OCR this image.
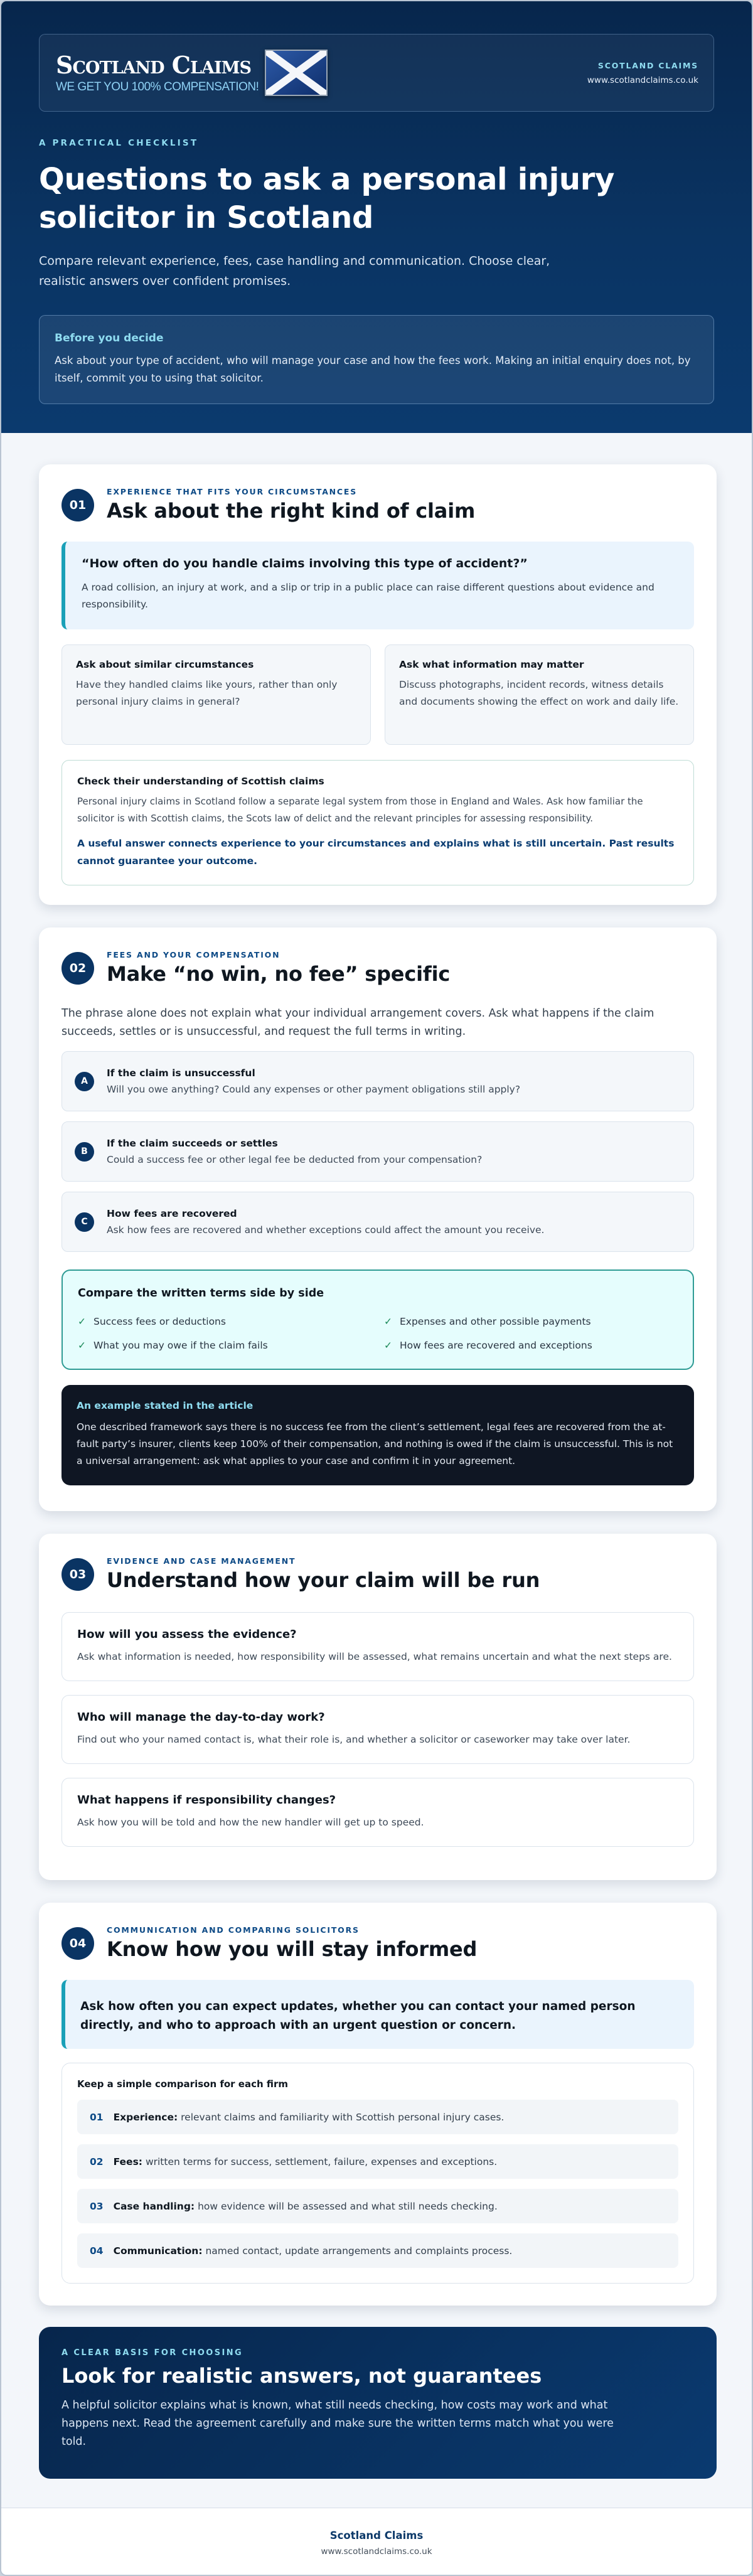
Scotland Claims
WE GET YOU 100% COMPENSATION!
SCOTLAND CLAIMS
www.scotlandclaims.co.uk
A PRACTICAL CHECKLIST
Questions to ask a personal injury solicitor in Scotland

Compare relevant experience, fees, case handling and communication. Choose clear, realistic answers over confident promises.

Before you decide
Ask about your type of accident, who will manage your case and how the fees work. Making an initial enquiry does not, by itself, commit you to using that solicitor.
01
EXPERIENCE THAT FITS YOUR CIRCUMSTANCES
Ask about the right kind of claim
“How often do you handle claims involving this type of accident?”
A road collision, an injury at work, and a slip or trip in a public place can raise different questions about evidence and responsibility.
Ask about similar circumstances
Have they handled claims like yours, rather than only personal injury claims in general?
Ask what information may matter
Discuss photographs, incident records, witness details and documents showing the effect on work and daily life.
Check their understanding of Scottish claims
Personal injury claims in Scotland follow a separate legal system from those in England and Wales. Ask how familiar the solicitor is with Scottish claims, the Scots law of delict and the relevant principles for assessing responsibility.
A useful answer connects experience to your circumstances and explains what is still uncertain. Past results cannot guarantee your outcome.
02
FEES AND YOUR COMPENSATION
Make “no win, no fee” specific

The phrase alone does not explain what your individual arrangement covers. Ask what happens if the claim succeeds, settles or is unsuccessful, and request the full terms in writing.

A
If the claim is unsuccessful
Will you owe anything? Could any expenses or other payment obligations still apply?
B
If the claim succeeds or settles
Could a success fee or other legal fee be deducted from your compensation?
C
How fees are recovered
Ask how fees are recovered and whether exceptions could affect the amount you receive.
Compare the written terms side by side
✓ Success fees or deductions	✓ Expenses and other possible payments
✓ What you may owe if the claim fails	✓ How fees are recovered and exceptions
An example stated in the article
One described framework says there is no success fee from the client’s settlement, legal fees are recovered from the at-fault party’s insurer, clients keep 100% of their compensation, and nothing is owed if the claim is unsuccessful. This is not a universal arrangement: ask what applies to your case and confirm it in your agreement.
03
EVIDENCE AND CASE MANAGEMENT
Understand how your claim will be run
How will you assess the evidence?
Ask what information is needed, how responsibility will be assessed, what remains uncertain and what the next steps are.
Who will manage the day-to-day work?
Find out who your named contact is, what their role is, and whether a solicitor or caseworker may take over later.
What happens if responsibility changes?
Ask how you will be told and how the new handler will get up to speed.
04
COMMUNICATION AND COMPARING SOLICITORS
Know how you will stay informed
Ask how often you can expect updates, whether you can contact your named person directly, and who to approach with an urgent question or concern.
Keep a simple comparison for each firm
01 Experience: relevant claims and familiarity with Scottish personal injury cases.
02 Fees: written terms for success, settlement, failure, expenses and exceptions.
03 Case handling: how evidence will be assessed and what still needs checking.
04 Communication: named contact, update arrangements and complaints process.
A CLEAR BASIS FOR CHOOSING
Look for realistic answers, not guarantees
A helpful solicitor explains what is known, what still needs checking, how costs may work and what happens next. Read the agreement carefully and make sure the written terms match what you were told.
Scotland Claims
www.scotlandclaims.co.uk
